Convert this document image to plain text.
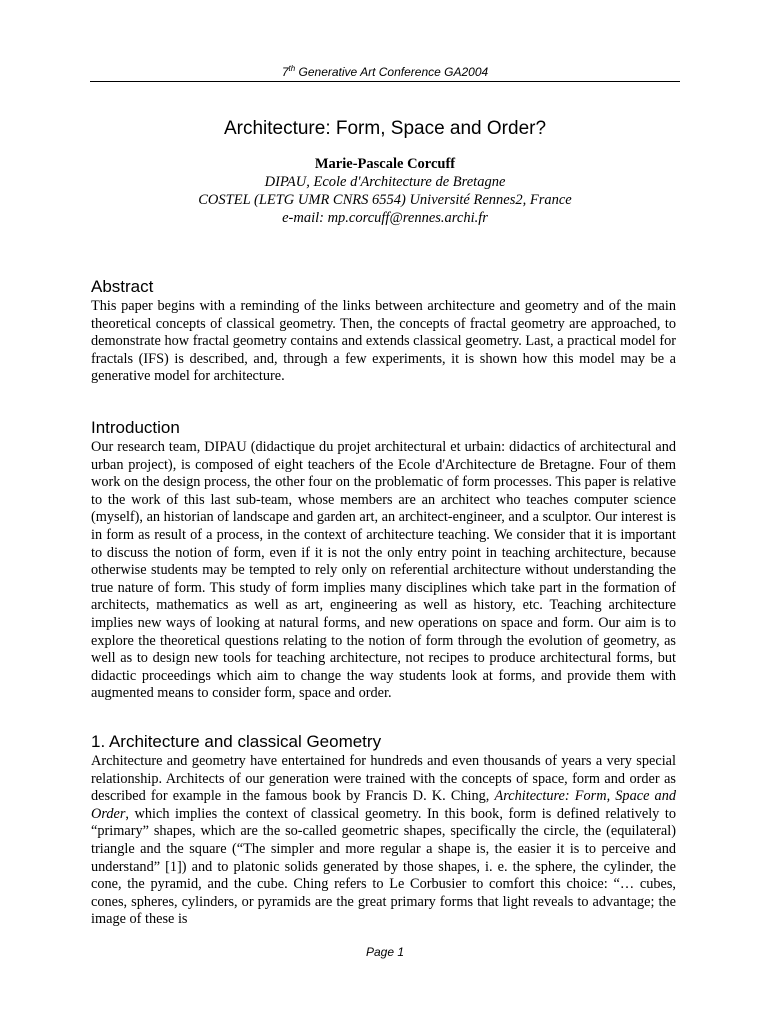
7th Generative Art Conference GA2004
Architecture: Form, Space and Order?
Marie-Pascale Corcuff
DIPAU, Ecole d'Architecture de Bretagne
COSTEL (LETG UMR CNRS 6554) Université Rennes2, France
e-mail: mp.corcuff@rennes.archi.fr
Abstract

This paper begins with a reminding of the links between architecture and geometry and of the main theoretical concepts of classical geometry. Then, the concepts of fractal geometry are approached, to demonstrate how fractal geometry contains and extends classical geometry. Last, a practical model for fractals (IFS) is described, and, through a few experiments, it is shown how this model may be a generative model for architecture.

Introduction

Our research team, DIPAU (didactique du projet architectural et urbain: didactics of architectural and urban project), is composed of eight teachers of the Ecole d'Architecture de Bretagne. Four of them work on the design process, the other four on the problematic of form processes. This paper is relative to the work of this last sub-team, whose members are an architect who teaches computer science (myself), an historian of landscape and garden art, an architect-engineer, and a sculptor. Our interest is in form as result of a process, in the context of architecture teaching. We consider that it is important to discuss the notion of form, even if it is not the only entry point in teaching architecture, because otherwise students may be tempted to rely only on referential architecture without understanding the true nature of form. This study of form implies many disciplines which take part in the formation of architects, mathematics as well as art, engineering as well as history, etc. Teaching architecture implies new ways of looking at natural forms, and new operations on space and form. Our aim is to explore the theoretical questions relating to the notion of form through the evolution of geometry, as well as to design new tools for teaching architecture, not recipes to produce architectural forms, but didactic proceedings which aim to change the way students look at forms, and provide them with augmented means to consider form, space and order.

1. Architecture and classical Geometry

Architecture and geometry have entertained for hundreds and even thousands of years a very special relationship. Architects of our generation were trained with the concepts of space, form and order as described for example in the famous book by Francis D. K. Ching, Architecture: Form, Space and Order, which implies the context of classical geometry. In this book, form is defined relatively to “primary” shapes, which are the so-called geometric shapes, specifically the circle, the (equilateral) triangle and the square (“The simpler and more regular a shape is, the easier it is to perceive and understand” [1]) and to platonic solids generated by those shapes, i. e. the sphere, the cylinder, the cone, the pyramid, and the cube. Ching refers to Le Corbusier to comfort this choice: “… cubes, cones, spheres, cylinders, or pyramids are the great primary forms that light reveals to advantage; the image of these is

Page 1
